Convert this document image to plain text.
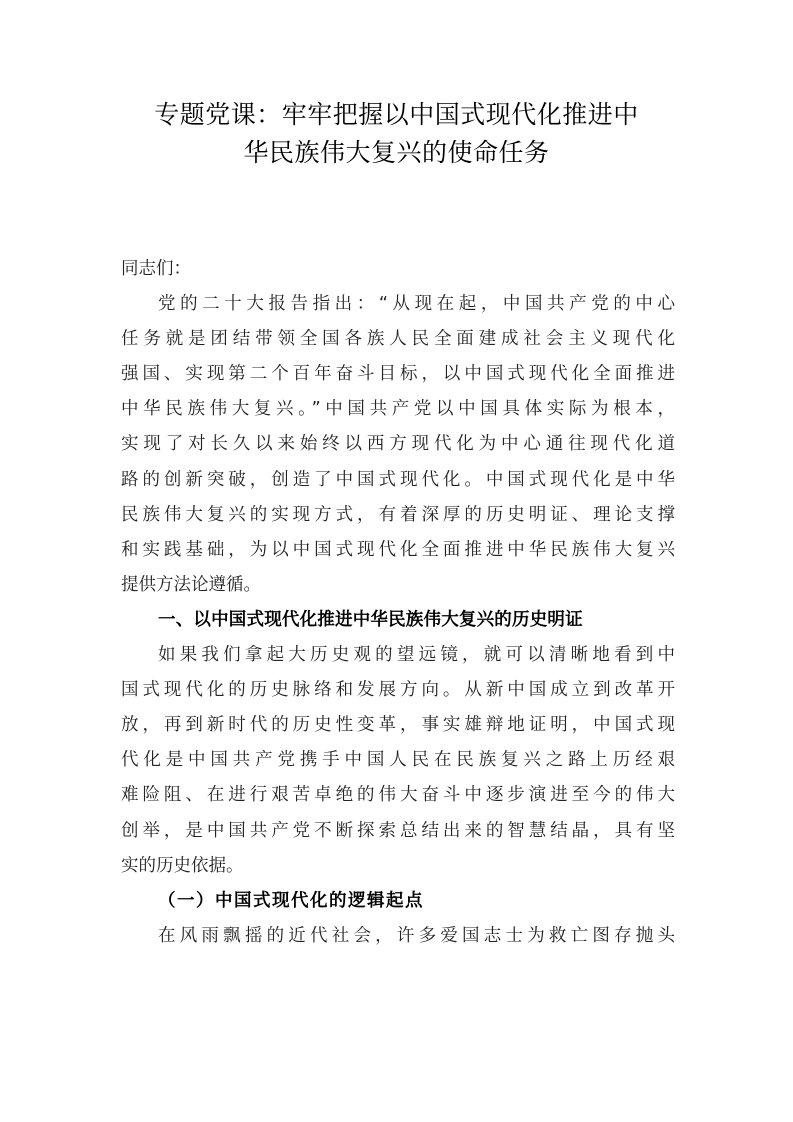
专题党课：牢牢把握以中国式现代化推进中
华民族伟大复兴的使命任务
同志们：
党的二十大报告指出：“从现在起，中国共产党的中心
任务就是团结带领全国各族人民全面建成社会主义现代化
强国、实现第二个百年奋斗目标，以中国式现代化全面推进
中华民族伟大复兴。”中国共产党以中国具体实际为根本，
实现了对长久以来始终以西方现代化为中心通往现代化道
路的创新突破，创造了中国式现代化。中国式现代化是中华
民族伟大复兴的实现方式，有着深厚的历史明证、理论支撑
和实践基础，为以中国式现代化全面推进中华民族伟大复兴
提供方法论遵循。
一、以中国式现代化推进中华民族伟大复兴的历史明证
如果我们拿起大历史观的望远镜，就可以清晰地看到中
国式现代化的历史脉络和发展方向。从新中国成立到改革开
放，再到新时代的历史性变革，事实雄辩地证明，中国式现
代化是中国共产党携手中国人民在民族复兴之路上历经艰
难险阻、在进行艰苦卓绝的伟大奋斗中逐步演进至今的伟大
创举，是中国共产党不断探索总结出来的智慧结晶，具有坚
实的历史依据。
（一）中国式现代化的逻辑起点
在风雨飘摇的近代社会，许多爱国志士为救亡图存抛头
